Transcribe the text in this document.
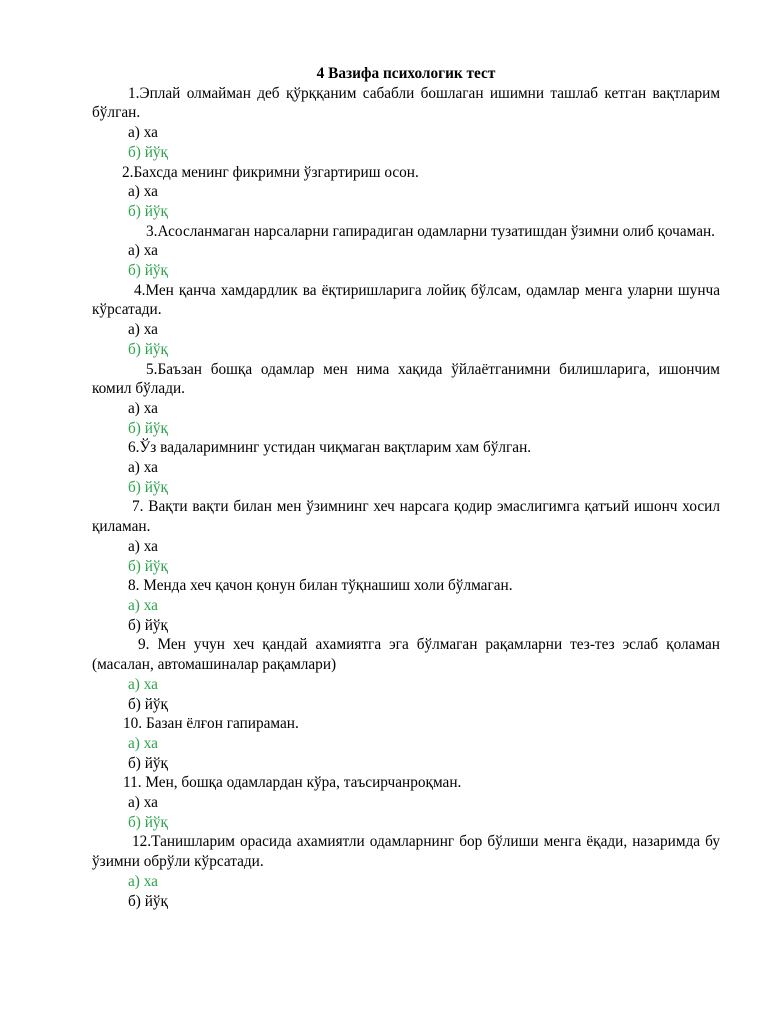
4 Вазифа психологик тест

1.Эплай олмайман деб қўрққаним сабабли бошлаган ишимни ташлаб кетган вақтларим бўлган.

а) ха

б) йўқ

2.Бахсда менинг фикримни ўзгартириш осон.

а) ха

б) йўқ

3.Асосланмаган нарсаларни гапирадиган одамларни тузатишдан ўзимни олиб қочаман.

а) ха

б) йўқ

4.Мен қанча хамдардлик ва ёқтиришларига лойиқ бўлсам, одамлар менга уларни шунча кўрсатади.

а) ха

б) йўқ

5.Баъзан бошқа одамлар мен нима хақида ўйлаётганимни билишларига, ишончим комил бўлади.

а) ха

б) йўқ

6.Ўз вадаларимнинг устидан чиқмаган вақтларим хам бўлган.

а) ха

б) йўқ

7. Вақти вақти билан мен ўзимнинг хеч нарсага қодир эмаслигимга қатъий ишонч хосил қиламан.

а) ха

б) йўқ

8. Менда хеч қачон қонун билан тўқнашиш холи бўлмаган.

а) ха

б) йўқ

9. Мен учун хеч қандай ахамиятга эга бўлмаган рақамларни тез-тез эслаб қоламан (масалан, автомашиналар рақамлари)

а) ха

б) йўқ

10. Базан ёлғон гапираман.

а) ха

б) йўқ

11. Мен, бошқа одамлардан кўра, таъсирчанроқман.

а) ха

б) йўқ

12.Танишларим орасида ахамиятли одамларнинг бор бўлиши менга ёқади, назаримда бу ўзимни обрўли кўрсатади.

а) ха

б) йўқ
